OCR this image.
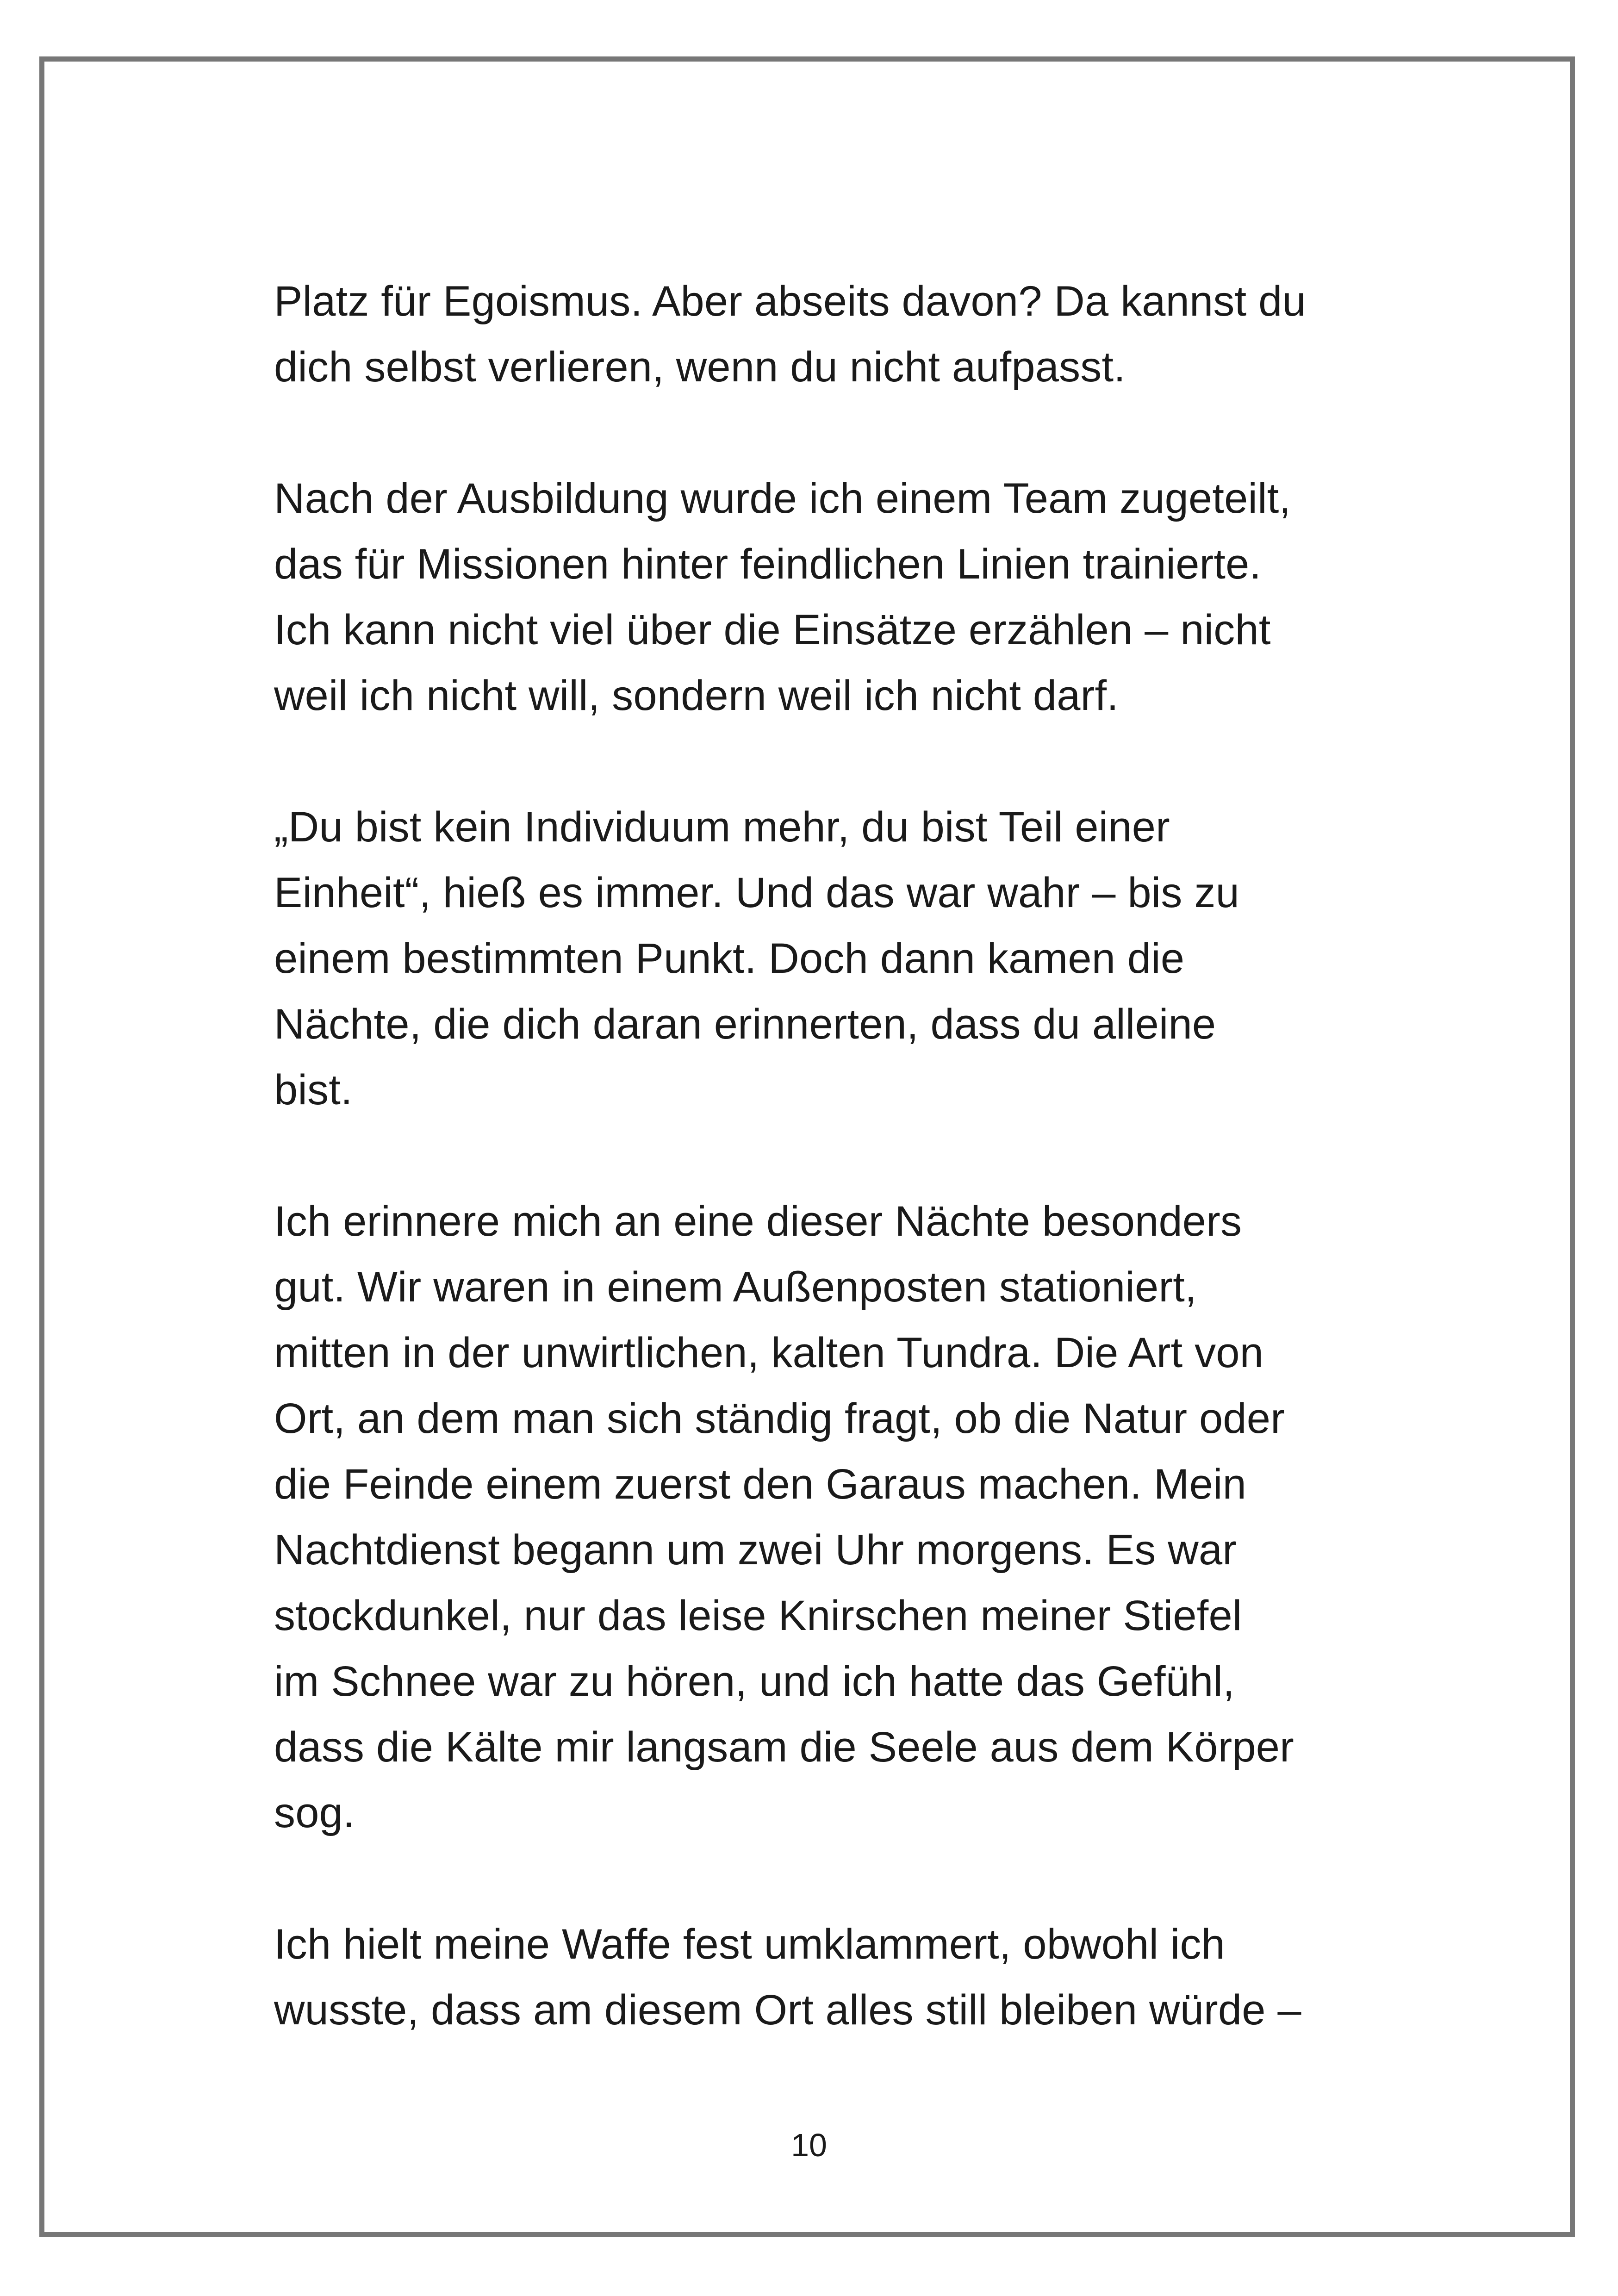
Platz für Egoismus. Aber abseits davon? Da kannst du
dich selbst verlieren, wenn du nicht aufpasst.
Nach der Ausbildung wurde ich einem Team zugeteilt,
das für Missionen hinter feindlichen Linien trainierte.
Ich kann nicht viel über die Einsätze erzählen – nicht
weil ich nicht will, sondern weil ich nicht darf.
„Du bist kein Individuum mehr, du bist Teil einer
Einheit“, hieß es immer. Und das war wahr – bis zu
einem bestimmten Punkt. Doch dann kamen die
Nächte, die dich daran erinnerten, dass du alleine
bist.
Ich erinnere mich an eine dieser Nächte besonders
gut. Wir waren in einem Außenposten stationiert,
mitten in der unwirtlichen, kalten Tundra. Die Art von
Ort, an dem man sich ständig fragt, ob die Natur oder
die Feinde einem zuerst den Garaus machen. Mein
Nachtdienst begann um zwei Uhr morgens. Es war
stockdunkel, nur das leise Knirschen meiner Stiefel
im Schnee war zu hören, und ich hatte das Gefühl,
dass die Kälte mir langsam die Seele aus dem Körper
sog.
Ich hielt meine Waffe fest umklammert, obwohl ich
wusste, dass am diesem Ort alles still bleiben würde –
10
